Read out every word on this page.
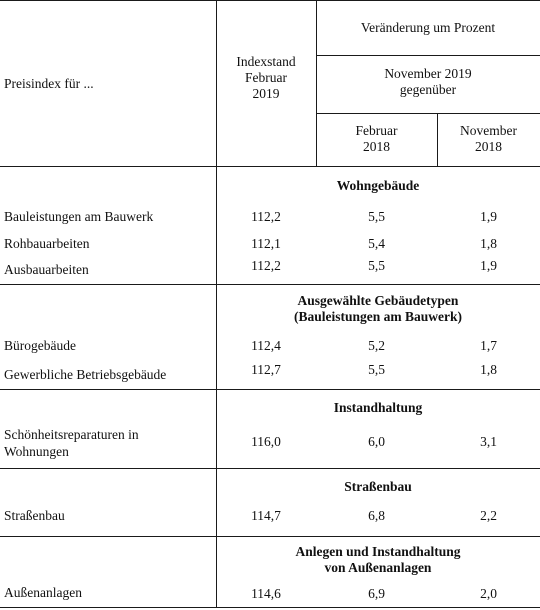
Preisindex für ...
Indexstand
Februar
2019
Veränderung um Prozent
November 2019
gegenüber
Februar
2018
November
2018
Wohngebäude
Bauleistungen am Bauwerk	112,2	5,5	1,9
Rohbauarbeiten	112,1	5,4	1,8
Ausbauarbeiten	112,2	5,5	1,9
Ausgewählte Gebäudetypen
(Bauleistungen am Bauwerk)
Bürogebäude	112,4	5,2	1,7
Gewerbliche Betriebsgebäude	112,7	5,5	1,8
Instandhaltung
Schönheitsreparaturen in
Wohnungen
116,0	6,0	3,1
Straßenbau
Straßenbau	114,7	6,8	2,2
Anlegen und Instandhaltung
von Außenanlagen
Außenanlagen	114,6	6,9	2,0
